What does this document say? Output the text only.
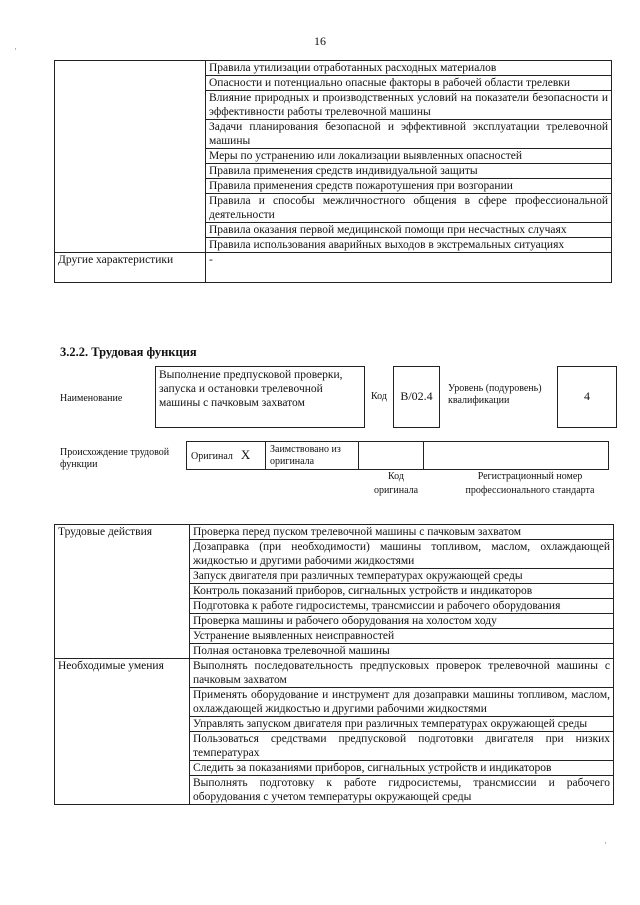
·
·
16
	Правила утилизации отработанных расходных материалов
	Опасности и потенциально опасные факторы в рабочей области трелевки
	Влияние природных и производственных условий на показатели безопасности и эффективности работы трелевочной машины
	Задачи планирования безопасной и эффективной эксплуатации трелевочной машины
	Меры по устранению или локализации выявленных опасностей
	Правила применения средств индивидуальной защиты
	Правила применения средств пожаротушения при возгорании
	Правила и способы межличностного общения в сфере профессиональной деятельности
	Правила оказания первой медицинской помощи при несчастных случаях
	Правила использования аварийных выходов в экстремальных ситуациях
Другие характеристики	-
3.2.2. Трудовая функция
Наименование
Выполнение предпусковой проверки, запуска и остановки трелевочной машины с пачковым захватом
Код	B/02.4
Уровень (подуровень) квалификации	4
Происхождение трудовой функции
Оригинал X	Заимствовано из оригинала		
Код оригинала
Регистрационный номер профессионального стандарта
Трудовые действия	Проверка перед пуском трелевочной машины с пачковым захватом
	Дозаправка (при необходимости) машины топливом, маслом, охлаждающей жидкостью и другими рабочими жидкостями
	Запуск двигателя при различных температурах окружающей среды
	Контроль показаний приборов, сигнальных устройств и индикаторов
	Подготовка к работе гидросистемы, трансмиссии и рабочего оборудования
	Проверка машины и рабочего оборудования на холостом ходу
	Устранение выявленных неисправностей
	Полная остановка трелевочной машины
Необходимые умения	Выполнять последовательность предпусковых проверок трелевочной машины с пачковым захватом
	Применять оборудование и инструмент для дозаправки машины топливом, маслом, охлаждающей жидкостью и другими рабочими жидкостями
	Управлять запуском двигателя при различных температурах окружающей среды
	Пользоваться средствами предпусковой подготовки двигателя при низких температурах
	Следить за показаниями приборов, сигнальных устройств и индикаторов
	Выполнять подготовку к работе гидросистемы, трансмиссии и рабочего оборудования с учетом температуры окружающей среды
